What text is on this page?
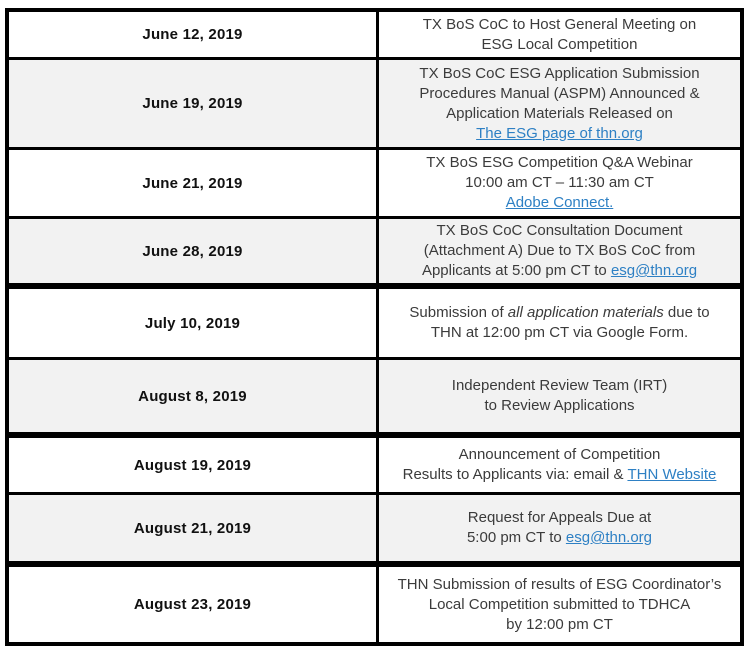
June 12, 2019	TX BoS CoC to Host General Meeting on
ESG Local Competition

June 19, 2019	TX BoS CoC ESG Application Submission
Procedures Manual (ASPM) Announced &
Application Materials Released on
The ESG page of thn.org

June 21, 2019	TX BoS ESG Competition Q&A Webinar
10:00 am CT – 11:30 am CT
Adobe Connect.

June 28, 2019	TX BoS CoC Consultation Document
(Attachment A) Due to TX BoS CoC from
Applicants at 5:00 pm CT to esg@thn.org

July 10, 2019	Submission of all application materials due to
THN at 12:00 pm CT via Google Form.

August 8, 2019	Independent Review Team (IRT)
to Review Applications

August 19, 2019	Announcement of Competition
Results to Applicants via: email & THN Website

August 21, 2019	Request for Appeals Due at
5:00 pm CT to esg@thn.org

August 23, 2019	THN Submission of results of ESG Coordinator’s
Local Competition submitted to TDHCA
by 12:00 pm CT
